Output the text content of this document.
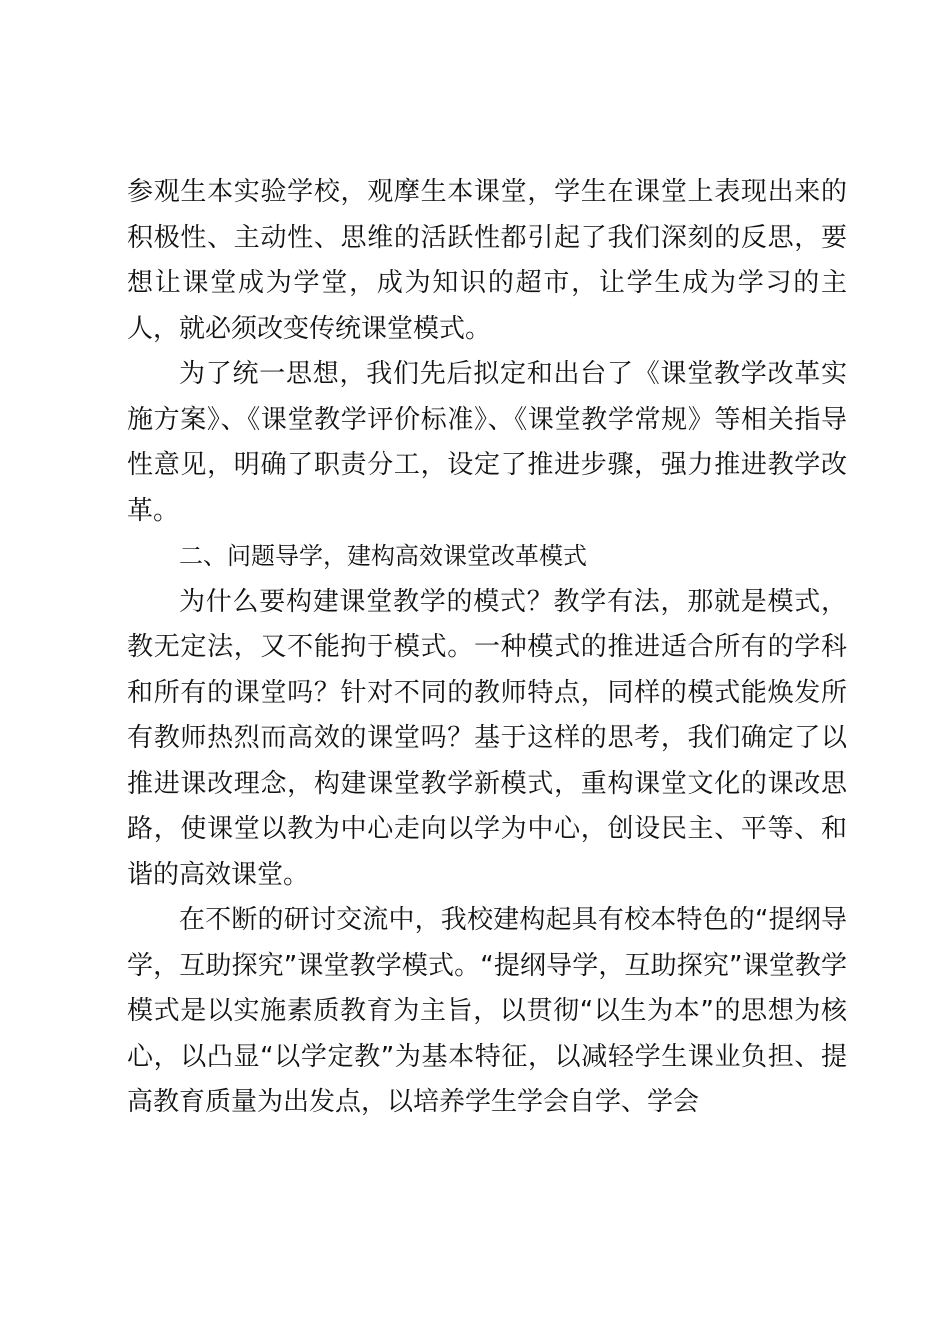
参观生本实验学校，观摩生本课堂，学生在课堂上表现出来的积极性、主动性、思维的活跃性都引起了我们深刻的反思，要想让课堂成为学堂，成为知识的超市，让学生成为学习的主人，就必须改变传统课堂模式。

为了统一思想，我们先后拟定和出台了《课堂教学改革实施方案》、《课堂教学评价标准》、《课堂教学常规》等相关指导性意见，明确了职责分工，设定了推进步骤，强力推进教学改革。

二、问题导学，建构高效课堂改革模式

为什么要构建课堂教学的模式？教学有法，那就是模式，教无定法，又不能拘于模式。一种模式的推进适合所有的学科和所有的课堂吗？针对不同的教师特点，同样的模式能焕发所有教师热烈而高效的课堂吗？基于这样的思考，我们确定了以推进课改理念，构建课堂教学新模式，重构课堂文化的课改思路，使课堂以教为中心走向以学为中心，创设民主、平等、和谐的高效课堂。

在不断的研讨交流中，我校建构起具有校本特色的“提纲导学，互助探究”课堂教学模式。“提纲导学，互助探究”课堂教学模式是以实施素质教育为主旨，以贯彻“以生为本”的思想为核心，以凸显“以学定教”为基本特征，以减轻学生课业负担、提高教育质量为出发点，以培养学生学会自学、学会
